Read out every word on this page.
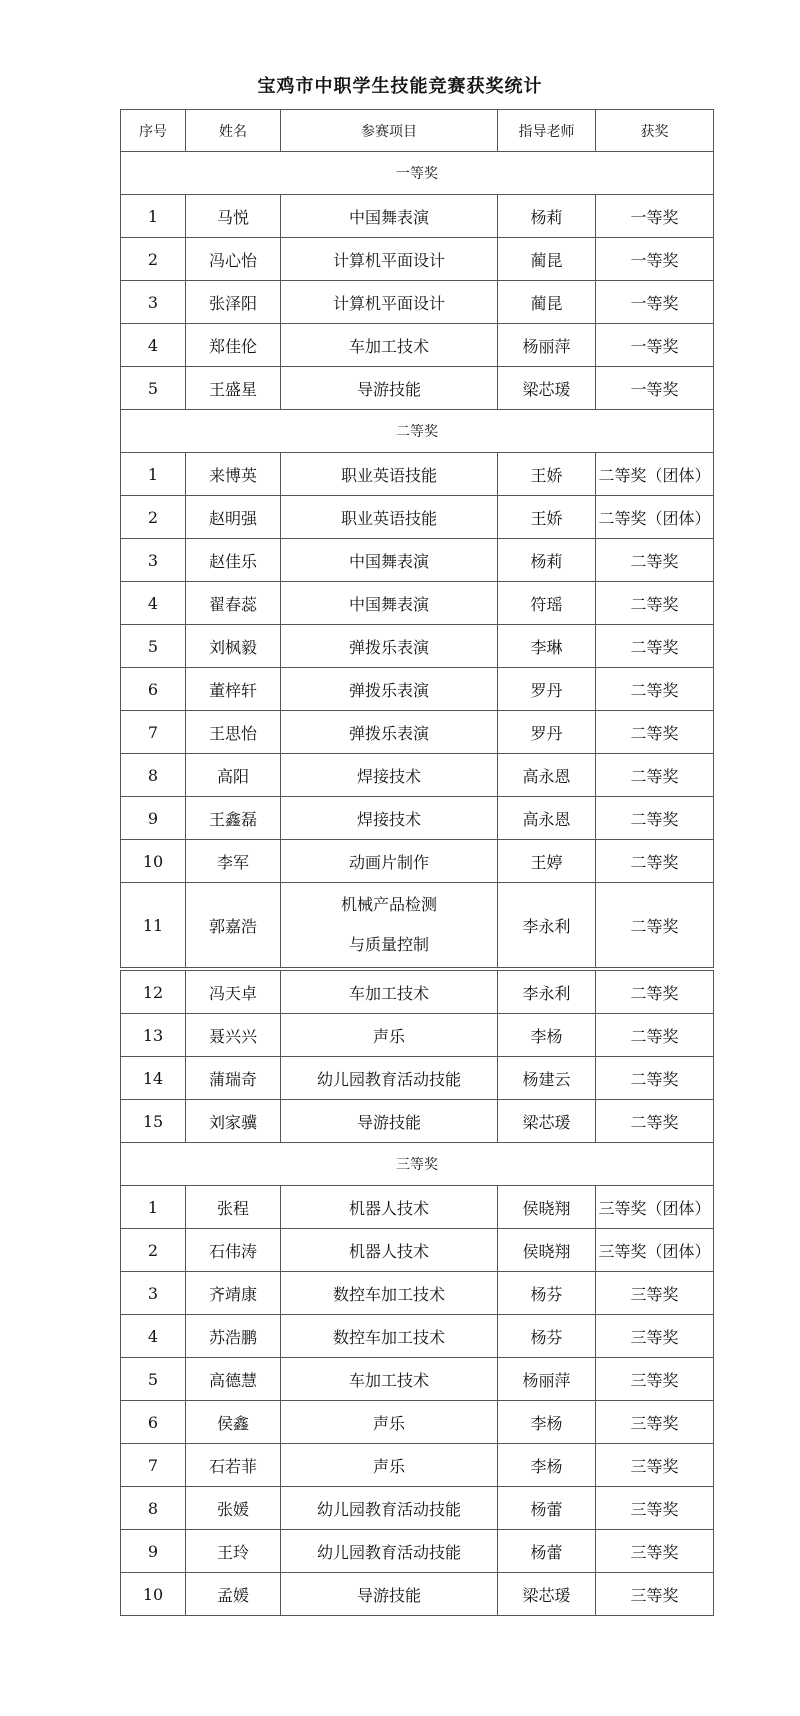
宝鸡市中职学生技能竞赛获奖统计
序号	姓名	参赛项目	指导老师	获奖
一等奖				
1	马悦	中国舞表演	杨莉	一等奖
2	冯心怡	计算机平面设计	蔺昆	一等奖
3	张泽阳	计算机平面设计	蔺昆	一等奖
4	郑佳伦	车加工技术	杨丽萍	一等奖
5	王盛星	导游技能	梁芯瑗	一等奖
二等奖				
1	来博英	职业英语技能	王娇	二等奖（团体）
2	赵明强	职业英语技能	王娇	二等奖（团体）
3	赵佳乐	中国舞表演	杨莉	二等奖
4	翟春蕊	中国舞表演	符瑶	二等奖
5	刘枫毅	弹拨乐表演	李琳	二等奖
6	董梓轩	弹拨乐表演	罗丹	二等奖
7	王思怡	弹拨乐表演	罗丹	二等奖
8	高阳	焊接技术	高永恩	二等奖
9	王鑫磊	焊接技术	高永恩	二等奖
10	李军	动画片制作	王婷	二等奖
11	郭嘉浩	机械产品检测
与质量控制	李永利	二等奖

12	冯天卓	车加工技术	李永利	二等奖
13	聂兴兴	声乐	李杨	二等奖
14	蒲瑞奇	幼儿园教育活动技能	杨建云	二等奖
15	刘家骥	导游技能	梁芯瑗	二等奖
三等奖				
1	张程	机器人技术	侯晓翔	三等奖（团体）
2	石伟涛	机器人技术	侯晓翔	三等奖（团体）
3	齐靖康	数控车加工技术	杨芬	三等奖
4	苏浩鹏	数控车加工技术	杨芬	三等奖
5	高德慧	车加工技术	杨丽萍	三等奖
6	侯鑫	声乐	李杨	三等奖
7	石若菲	声乐	李杨	三等奖
8	张媛	幼儿园教育活动技能	杨蕾	三等奖
9	王玲	幼儿园教育活动技能	杨蕾	三等奖
10	孟媛	导游技能	梁芯瑗	三等奖
